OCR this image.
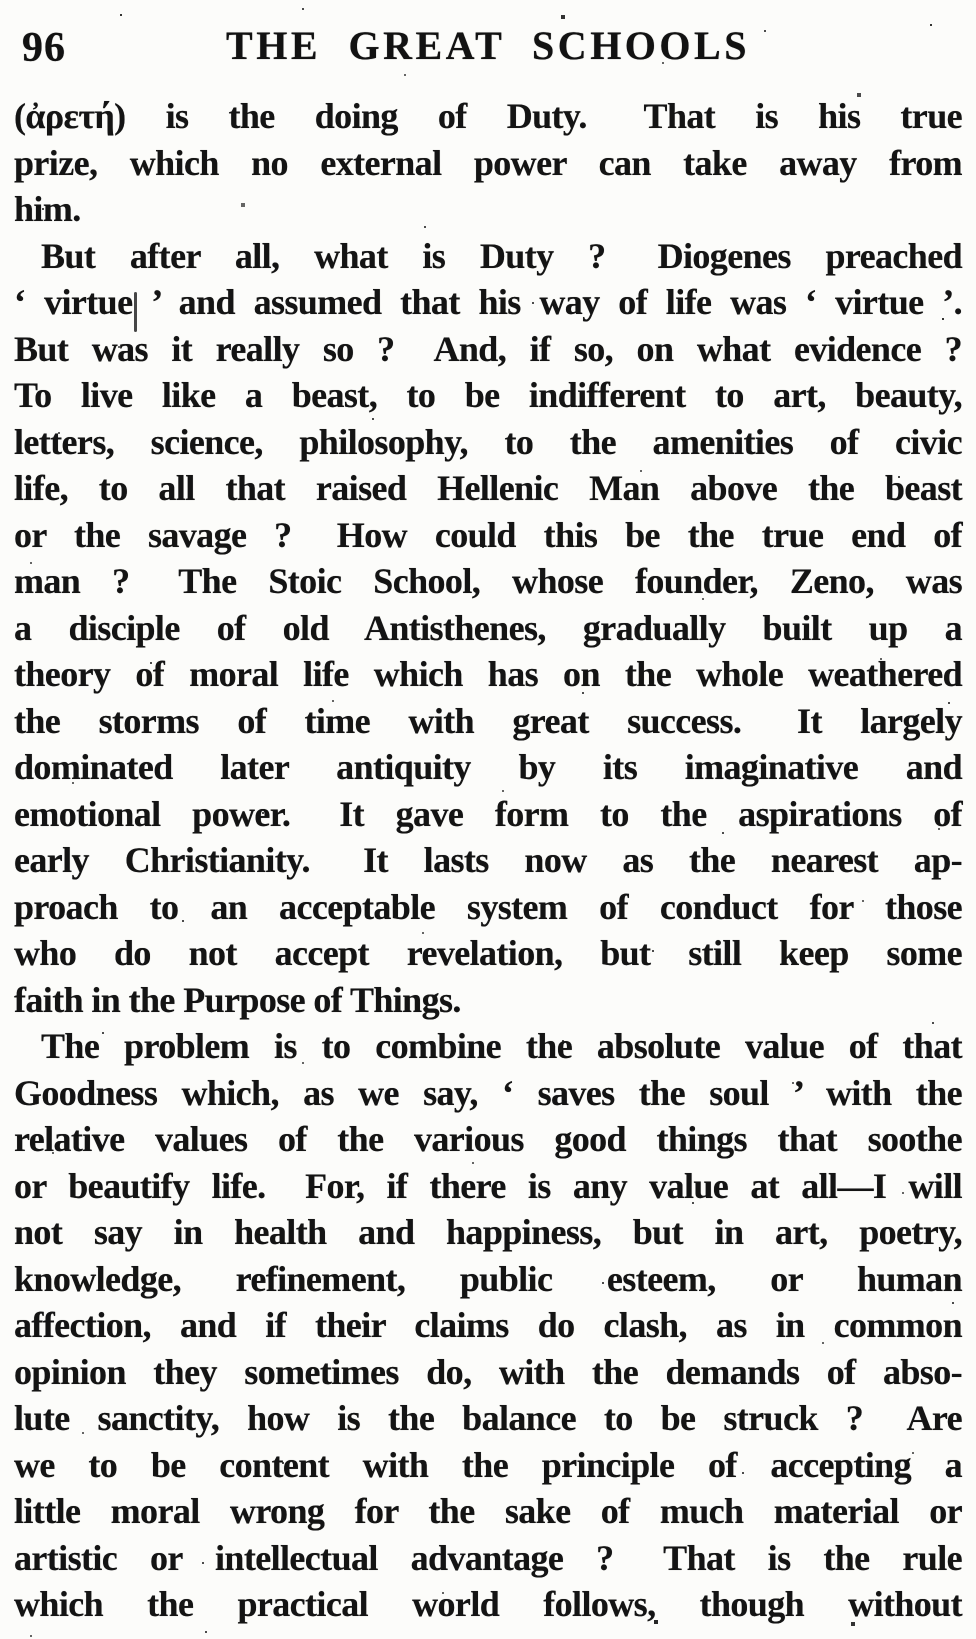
96	THE GREAT SCHOOLS

(ἀρετή) is the doing of Duty.  That is his true
prize, which no external power can take away from
him.

But after all, what is Duty ?  Diogenes preached
‘ virtue ’ and assumed that his way of life was ‘ virtue ’.
But was it really so ?  And, if so, on what evidence ?
To live like a beast, to be indifferent to art, beauty,
letters, science, philosophy, to the amenities of civic
life, to all that raised Hellenic Man above the beast
or the savage ?  How could this be the true end of
man ?  The Stoic School, whose founder, Zeno, was
a disciple of old Antisthenes, gradually built up a
theory of moral life which has on the whole weathered
the storms of time with great success.  It largely
dominated later antiquity by its imaginative and
emotional power.  It gave form to the aspirations of
early Christianity.  It lasts now as the nearest ap-
proach to an acceptable system of conduct for those
who do not accept revelation, but still keep some
faith in the Purpose of Things.

The problem is to combine the absolute value of that
Goodness which, as we say, ‘ saves the soul ’ with the
relative values of the various good things that soothe
or beautify life.  For, if there is any value at all—I will
not say in health and happiness, but in art, poetry,
knowledge, refinement, public esteem, or human
affection, and if their claims do clash, as in common
opinion they sometimes do, with the demands of abso-
lute sanctity, how is the balance to be struck ?  Are
we to be content with the principle of accepting a
little moral wrong for the sake of much material or
artistic or intellectual advantage ?  That is the rule
which the practical world follows, though without
